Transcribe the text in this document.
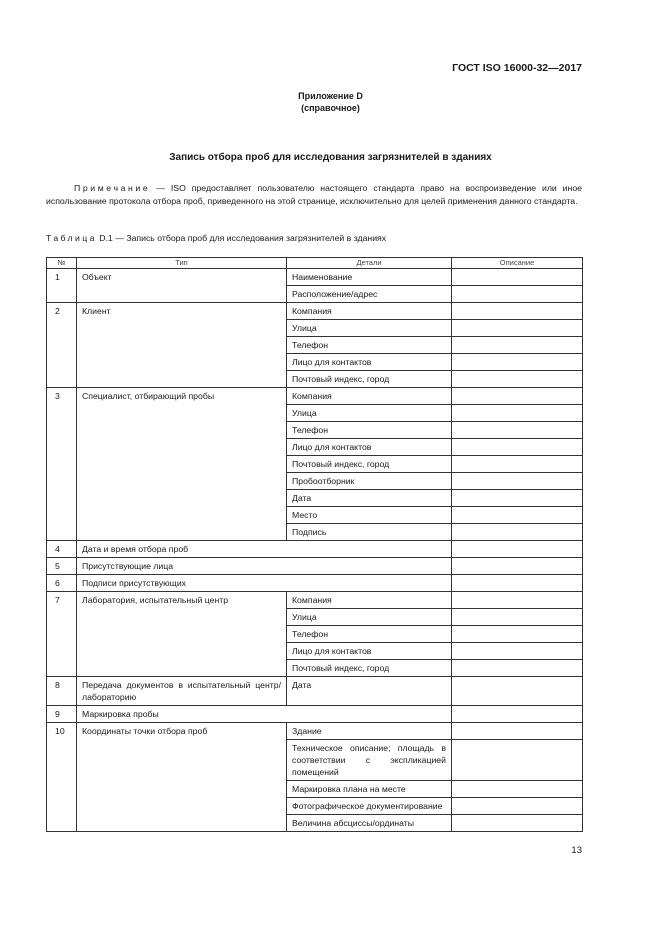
ГОСТ ISO 16000-32—2017
Приложение D
(справочное)
Запись отбора проб для исследования загрязнителей в зданиях
Примечание — ISO предоставляет пользователю настоящего стандарта право на воспроизведение или иное использование протокола отбора проб, приведенного на этой странице, исключительно для целей применения данного стандарта.
Таблица D.1 — Запись отбора проб для исследования загрязнителей в зданиях
№	Тип	Детали	Описание
1	Объект	Наименование	
		Расположение/адрес	
2	Клиент	Компания	
		Улица	
		Телефон	
		Лицо для контактов	
		Почтовый индекс, город	
3	Специалист, отбирающий пробы	Компания	
		Улица	
		Телефон	
		Лицо для контактов	
		Почтовый индекс, город	
		Пробоотборник	
		Дата	
		Место	
		Подпись	
4	Дата и время отбора проб		
5	Присутствующие лица		
6	Подписи присутствующих		
7	Лаборатория, испытательный центр	Компания	
		Улица	
		Телефон	
		Лицо для контактов	
		Почтовый индекс, город	
8	Передача документов в испытательный центр/лабораторию	Дата	
9	Маркировка пробы		
10	Координаты точки отбора проб	Здание	
		Техническое описание; площадь в соответствии с экспликацией помещений	
		Маркировка плана на месте	
		Фотографическое документирование	
		Величина абсциссы/ординаты	
13
